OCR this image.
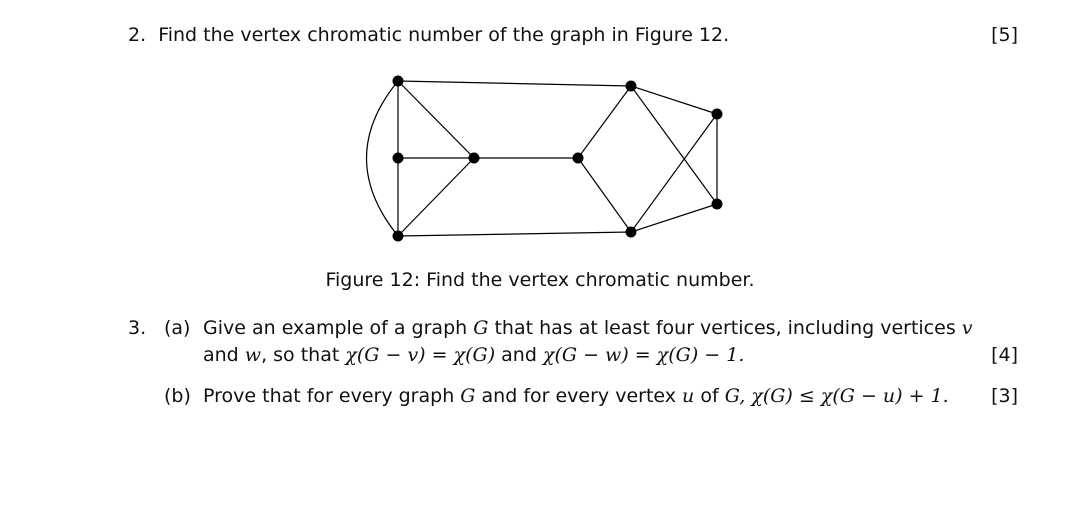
2. Find the vertex chromatic number of the graph in Figure 12.	[5]
Figure 12: Find the vertex chromatic number.
3. (a) Give an example of a graph G that has at least four vertices, including vertices v
and w, so that χ(G − v) = χ(G) and χ(G − w) = χ(G) − 1.	[4]
(b) Prove that for every graph G and for every vertex u of G, χ(G) ≤ χ(G − u) + 1. [3]
